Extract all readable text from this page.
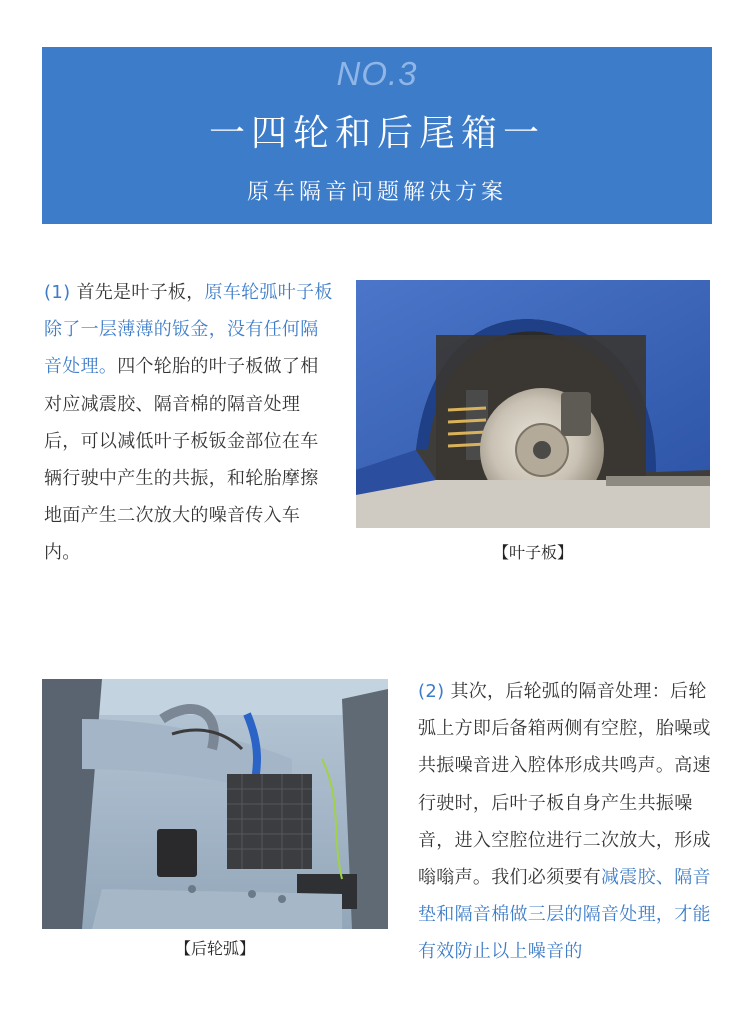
NO.3
一四轮和后尾箱一
原车隔音问题解决方案
(1) 首先是叶子板，原车轮弧叶子板除了一层薄薄的钣金，没有任何隔音处理。四个轮胎的叶子板做了相对应减震胶、隔音棉的隔音处理后，可以减低叶子板钣金部位在车辆行驶中产生的共振，和轮胎摩擦地面产生二次放大的噪音传入车内。	【叶子板】
【后轮弧】
(2) 其次，后轮弧的隔音处理：后轮弧上方即后备箱两侧有空腔，胎噪或共振噪音进入腔体形成共鸣声。高速行驶时，后叶子板自身产生共振噪音，进入空腔位进行二次放大，形成嗡嗡声。我们必须要有减震胶、隔音垫和隔音棉做三层的隔音处理，才能有效防止以上噪音的
